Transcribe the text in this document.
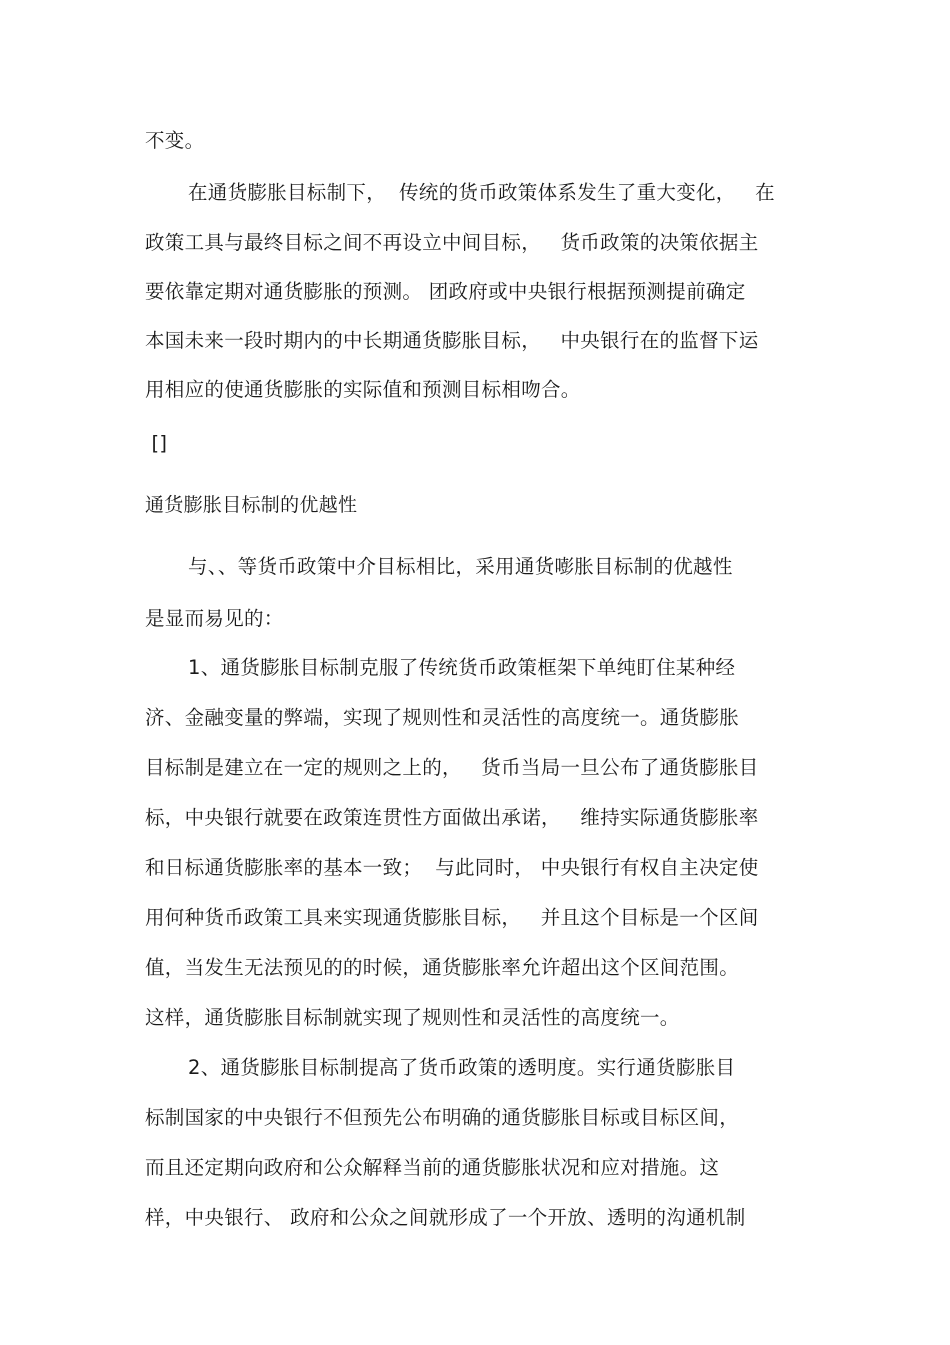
不变。
在通货膨胀目标制下，  传统的货币政策体系发生了重大变化，   在
政策工具与最终目标之间不再设立中间目标，   货币政策的决策依据主
要依靠定期对通货膨胀的预测。 团政府或中央银行根据预测提前确定
本国未来一段时期内的中长期通货膨胀目标，   中央银行在的监督下运
用相应的使通货膨胀的实际值和预测目标相吻合。
[]
通货膨胀目标制的优越性
与、、等货币政策中介目标相比，采用通货嘭胀目标制的优越性
是显而易见的：
1、通货膨胀目标制克服了传统货币政策框架下单纯盯住某种经
济、金融变量的弊端，实现了规则性和灵活性的高度统一。通货膨胀
目标制是建立在一定的规则之上的，   货币当局一旦公布了通货膨胀目
标，中央银行就要在政策连贯性方面做出承诺，   维持实际通货膨胀率
和日标通货膨胀率的基本一致；  与此同时， 中央银行有权自主决定使
用何种货币政策工具来实现通货膨胀目标，   并且这个目标是一个区间
值，当发生无法预见的的时候，通货膨胀率允许超出这个区间范围。
这样，通货膨胀目标制就实现了规则性和灵活性的高度统一。
2、通货膨胀目标制提高了货币政策的透明度。实行通货膨胀目
标制国家的中央银行不但预先公布明确的通货膨胀目标或目标区间，
而且还定期向政府和公众解释当前的通货膨胀状况和应对措施。这
样，中央银行、 政府和公众之间就形成了一个开放、透明的沟通机制
